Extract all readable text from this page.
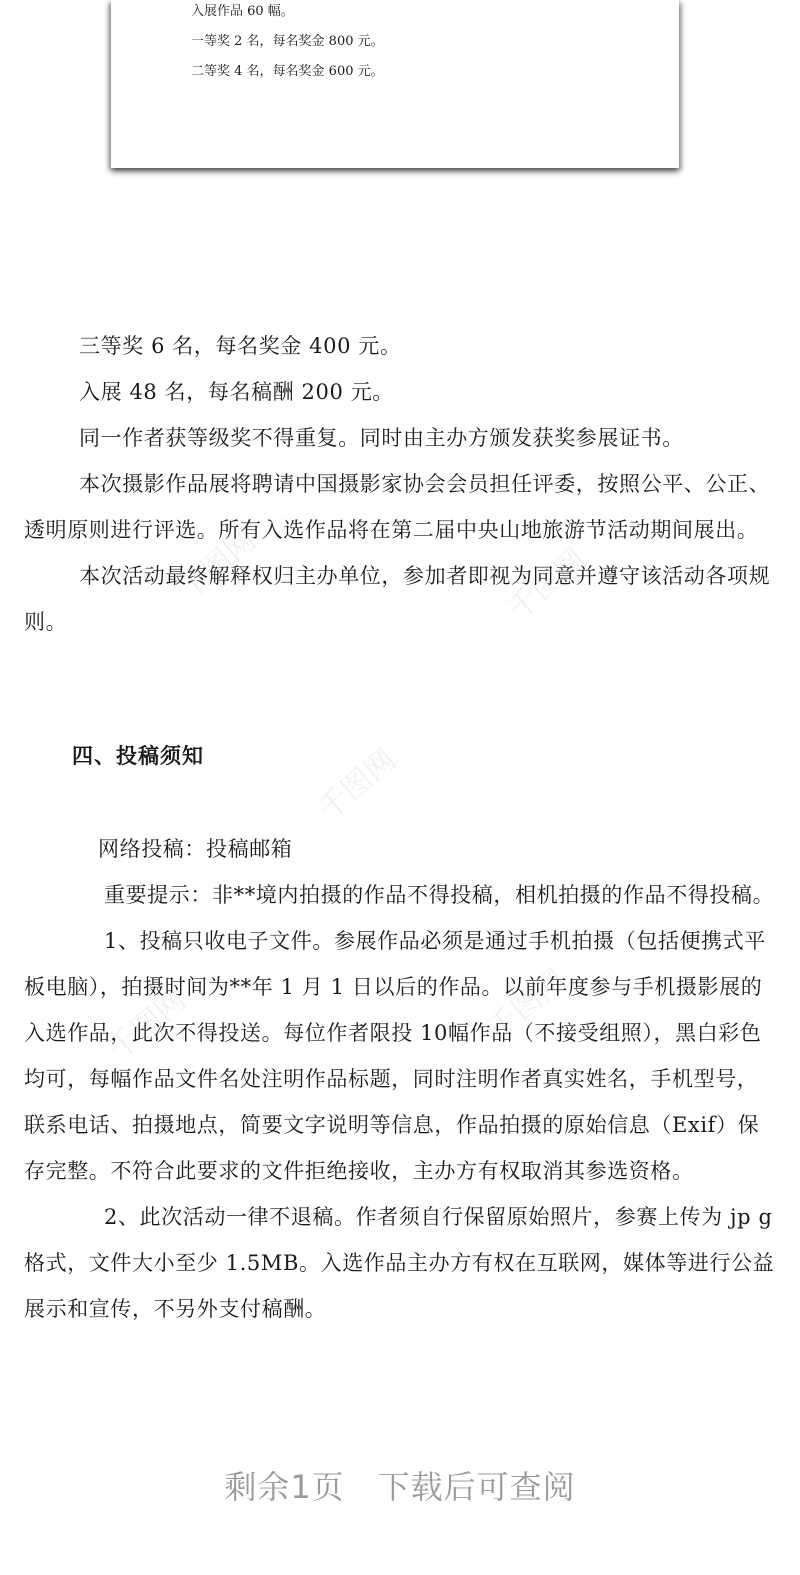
入展作品 60 幅。
一等奖 2 名，每名奖金 800 元。
二等奖 4 名，每名奖金 600 元。

三等奖 6 名，每名奖金 400 元。

入展 48 名，每名稿酬 200 元。

同一作者获等级奖不得重复。同时由主办方颁发获奖参展证书。

本次摄影作品展将聘请中国摄影家协会会员担任评委，按照公平、公正、透明原则进行评选。所有入选作品将在第二届中央山地旅游节活动期间展出。

本次活动最终解释权归主办单位，参加者即视为同意并遵守该活动各项规则。

四、投稿须知

网络投稿：投稿邮箱

重要提示：非**境内拍摄的作品不得投稿，相机拍摄的作品不得投稿。

1、投稿只收电子文件。参展作品必须是通过手机拍摄（包括便携式平板电脑），拍摄时间为**年 1 月 1 日以后的作品。以前年度参与手机摄影展的入选作品，此次不得投送。每位作者限投 10幅作品（不接受组照），黑白彩色均可，每幅作品文件名处注明作品标题，同时注明作者真实姓名，手机型号，联系电话、拍摄地点，简要文字说明等信息，作品拍摄的原始信息（Exif）保存完整。不符合此要求的文件拒绝接收，主办方有权取消其参选资格。

2、此次活动一律不退稿。作者须自行保留原始照片，参赛上传为 jp g 格式，文件大小至少 1.5MB。入选作品主办方有权在互联网，媒体等进行公益展示和宣传，不另外支付稿酬。

剩余1页　下载后可查阅
千图网	千图网
千图网
千图网
千图网
